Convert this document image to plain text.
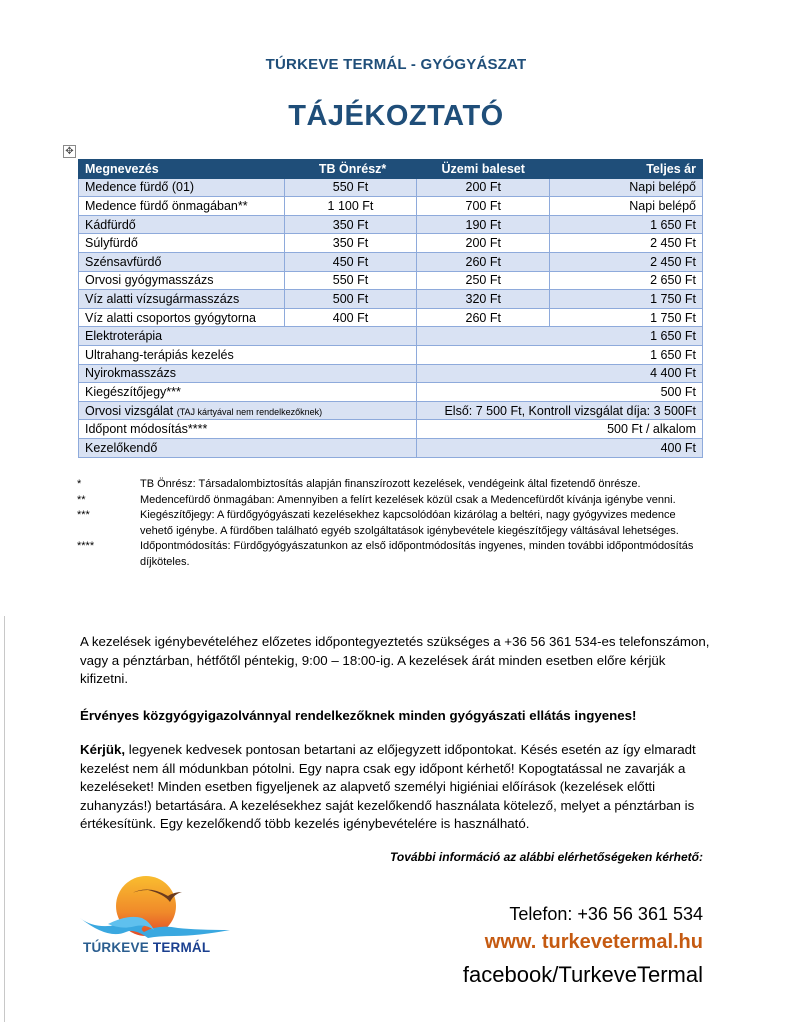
TÚRKEVE TERMÁL - GYÓGYÁSZAT
TÁJÉKOZTATÓ
✥
Megnevezés	TB Önrész*	Üzemi baleset	Teljes ár
Medence fürdő (01)	550 Ft	200 Ft	Napi belépő
Medence fürdő önmagában**	1 100 Ft	700 Ft	Napi belépő
Kádfürdő	350 Ft	190 Ft	1 650 Ft
Súlyfürdő	350 Ft	200 Ft	2 450 Ft
Szénsavfürdő	450 Ft	260 Ft	2 450 Ft
Orvosi gyógymasszázs	550 Ft	250 Ft	2 650 Ft
Víz alatti vízsugármasszázs	500 Ft	320 Ft	1 750 Ft
Víz alatti csoportos gyógytorna	400 Ft	260 Ft	1 750 Ft
Elektroterápia		1 650 Ft	
Ultrahang-terápiás kezelés		1 650 Ft	
Nyirokmasszázs		4 400 Ft	
Kiegészítőjegy***		500 Ft	
Orvosi vizsgálat (TAJ kártyával nem rendelkezőknek)		Első: 7 500 Ft, Kontroll vizsgálat díja: 3 500Ft	
Időpont módosítás****		500 Ft / alkalom	
Kezelőkendő		400 Ft	
*	TB Önrész: Társadalombiztosítás alapján finanszírozott kezelések, vendégeink által fizetendő önrésze.
**	Medencefürdő önmagában: Amennyiben a felírt kezelések közül csak a Medencefürdőt kívánja igénybe venni.
***	Kiegészítőjegy: A fürdőgyógyászati kezelésekhez kapcsolódóan kizárólag a beltéri, nagy gyógyvizes medence vehető igénybe. A fürdőben található egyéb szolgáltatások igénybevétele kiegészítőjegy váltásával lehetséges.
****	Időpontmódosítás: Fürdőgyógyászatunkon az első időpontmódosítás ingyenes, minden további időpontmódosítás díjköteles.

A kezelések igénybevételéhez előzetes időpontegyeztetés szükséges a +36 56 361 534-es telefonszámon, vagy a pénztárban, hétfőtől péntekig, 9:00 – 18:00-ig. A kezelések árát minden esetben előre kérjük kifizetni.

Érvényes közgyógyigazolvánnyal rendelkezőknek minden gyógyászati ellátás ingyenes!

Kérjük, legyenek kedvesek pontosan betartani az előjegyzett időpontokat. Késés esetén az így elmaradt kezelést nem áll módunkban pótolni. Egy napra csak egy időpont kérhető! Kopogtatással ne zavarják a kezeléseket! Minden esetben figyeljenek az alapvető személyi higiéniai előírások (kezelések előtti zuhanyzás!) betartására. A kezelésekhez saját kezelőkendő használata kötelező, melyet a pénztárban is értékesítünk. Egy kezelőkendő több kezelés igénybevételére is használható.

További információ az alábbi elérhetőségeken kérhető:
TÚRKEVE TERMÁL
Telefon: +36 56 361 534
www. turkevetermal.hu
facebook/TurkeveTermal
